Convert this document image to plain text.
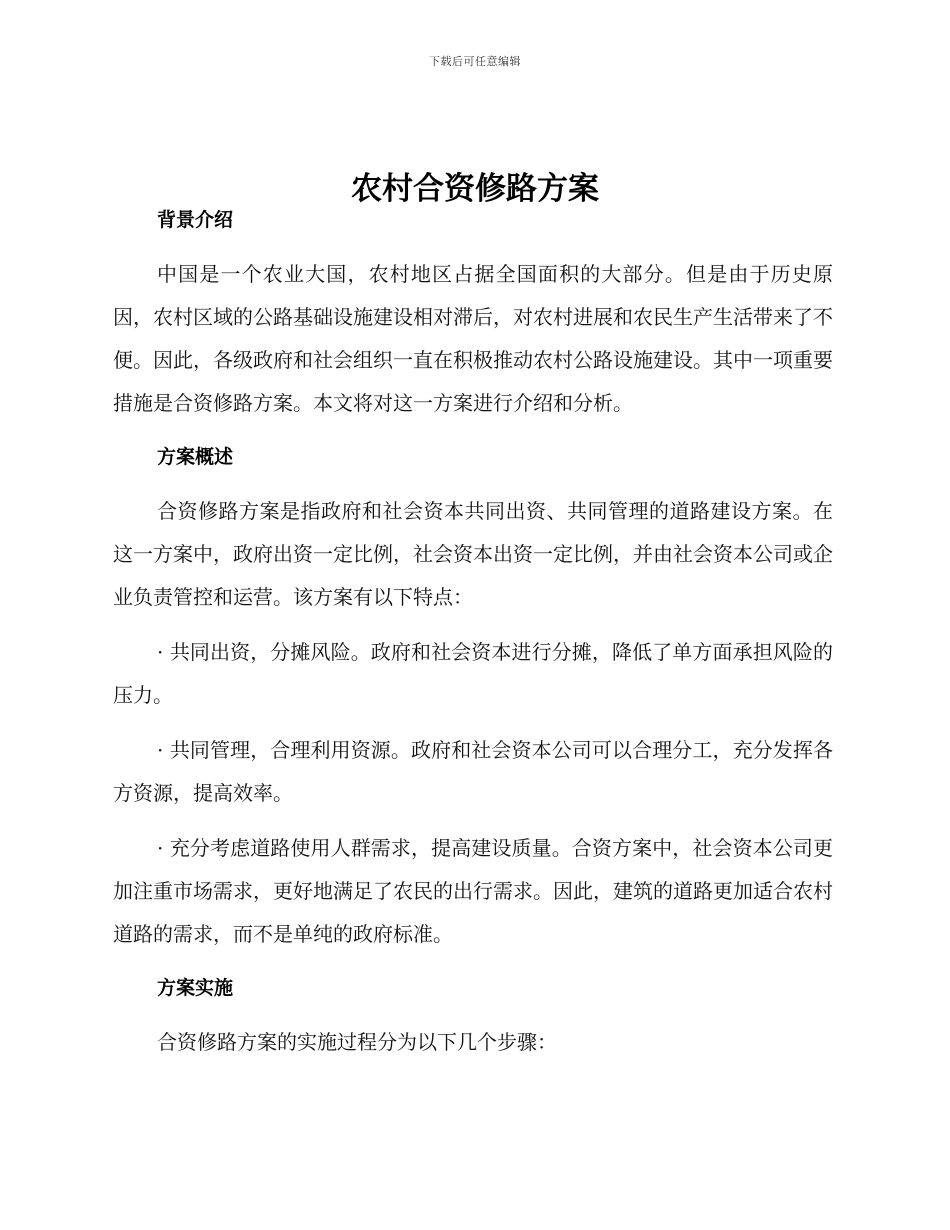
下载后可任意编辑
农村合资修路方案
背景介绍

中国是一个农业大国，农村地区占据全国面积的大部分。但是由于历史原因，农村区域的公路基础设施建设相对滞后，对农村进展和农民生产生活带来了不便。因此，各级政府和社会组织一直在积极推动农村公路设施建设。其中一项重要措施是合资修路方案。本文将对这一方案进行介绍和分析。

方案概述

合资修路方案是指政府和社会资本共同出资、共同管理的道路建设方案。在这一方案中，政府出资一定比例，社会资本出资一定比例，并由社会资本公司或企业负责管控和运营。该方案有以下特点：

· 共同出资，分摊风险。政府和社会资本进行分摊，降低了单方面承担风险的压力。

· 共同管理，合理利用资源。政府和社会资本公司可以合理分工，充分发挥各方资源，提高效率。

· 充分考虑道路使用人群需求，提高建设质量。合资方案中，社会资本公司更加注重市场需求，更好地满足了农民的出行需求。因此，建筑的道路更加适合农村道路的需求，而不是单纯的政府标准。

方案实施

合资修路方案的实施过程分为以下几个步骤：
